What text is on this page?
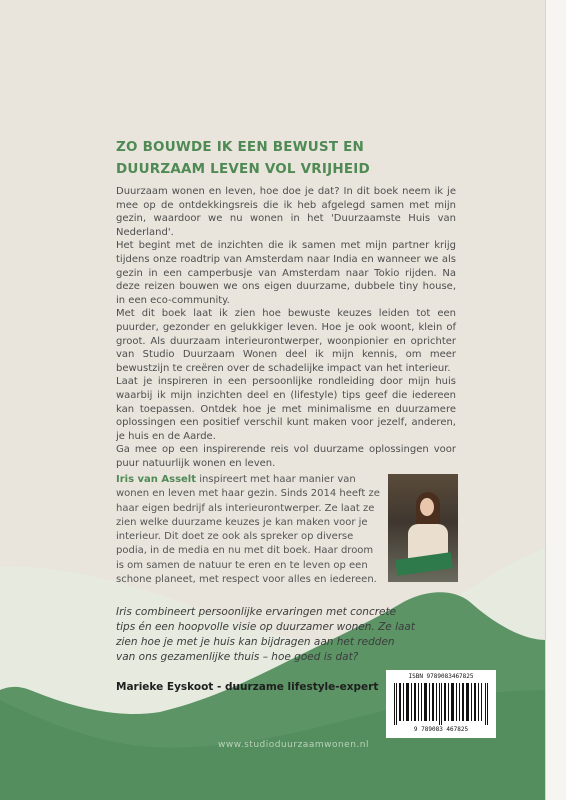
ZO BOUWDE IK EEN BEWUST EN DUURZAAM LEVEN VOL VRIJHEID

Duurzaam wonen en leven, hoe doe je dat? In dit boek neem ik je mee op de ontdekkingsreis die ik heb afgelegd samen met mijn gezin, waardoor we nu wonen in het 'Duurzaamste Huis van Nederland'.

Het begint met de inzichten die ik samen met mijn partner krijg tijdens onze roadtrip van Amsterdam naar India en wanneer we als gezin in een camperbusje van Amsterdam naar Tokio rijden. Na deze reizen bouwen we ons eigen duurzame, dubbele tiny house, in een eco-community.

Met dit boek laat ik zien hoe bewuste keuzes leiden tot een puurder, gezonder en gelukkiger leven. Hoe je ook woont, klein of groot. Als duurzaam interieurontwerper, woonpionier en oprichter van Studio Duurzaam Wonen deel ik mijn kennis, om meer bewustzijn te creëren over de schadelijke impact van het interieur.

Laat je inspireren in een persoonlijke rondleiding door mijn huis waarbij ik mijn inzichten deel en (lifestyle) tips geef die iedereen kan toepassen. Ontdek hoe je met minimalisme en duurzamere oplossingen een positief verschil kunt maken voor jezelf, anderen, je huis en de Aarde.

Ga mee op een inspirerende reis vol duurzame oplossingen voor puur natuurlijk wonen en leven.

Iris van Asselt inspireert met haar manier van wonen en leven met haar gezin. Sinds 2014 heeft ze haar eigen bedrijf als interieurontwerper. Ze laat ze zien welke duurzame keuzes je kan maken voor je interieur. Dit doet ze ook als spreker op diverse podia, in de media en nu met dit boek. Haar droom is om samen de natuur te eren en te leven op een schone planeet, met respect voor alles en iedereen.
Iris combineert persoonlijke ervaringen met concrete tips én een hoopvolle visie op duurzamer wonen. Ze laat zien hoe je met je huis kan bijdragen aan het redden van ons gezamenlijke thuis – hoe goed is dat?
Marieke Eyskoot - duurzame lifestyle-expert
ISBN 9789083467825
9 789083 467825
www.studioduurzaamwonen.nl
